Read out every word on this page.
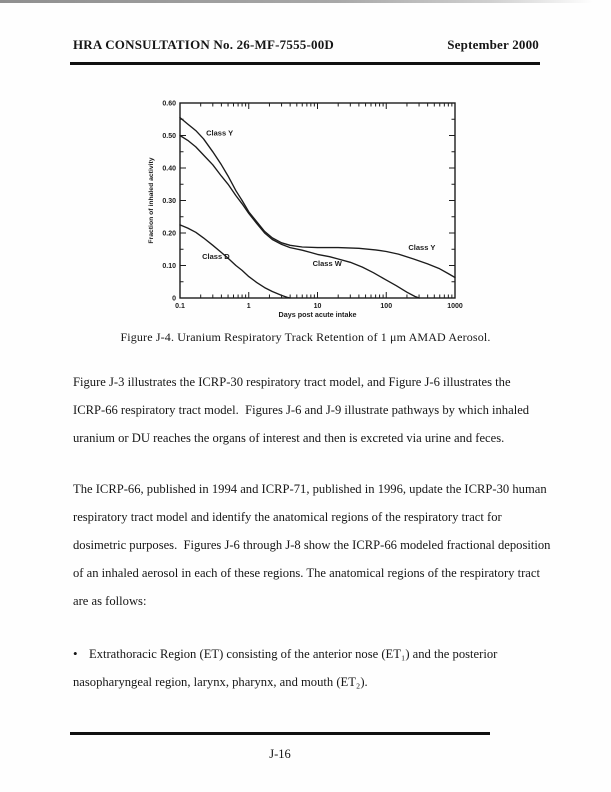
HRA CONSULTATION No. 26-MF-7555-00D	September 2000
0
0.10
0.20
0.30
0.40
0.50
0.60
0.1	1	10	100	1000
Class Y
Class D
Class W
Class Y
Fraction of inhaled activity
Days post acute intake
Figure J-4. Uranium Respiratory Track Retention of 1 μm AMAD Aerosol.
Figure J-3 illustrates the ICRP-30 respiratory tract model, and Figure J-6 illustrates the
ICRP-66 respiratory tract model.  Figures J-6 and J-9 illustrate pathways by which inhaled
uranium or DU reaches the organs of interest and then is excreted via urine and feces.
The ICRP-66, published in 1994 and ICRP-71, published in 1996, update the ICRP-30 human
respiratory tract model and identify the anatomical regions of the respiratory tract for
dosimetric purposes.  Figures J-6 through J-8 show the ICRP-66 modeled fractional deposition
of an inhaled aerosol in each of these regions. The anatomical regions of the respiratory tract
are as follows:
• Extrathoracic Region (ET) consisting of the anterior nose (ET₁) and the posterior
nasopharyngeal region, larynx, pharynx, and mouth (ET₂).
J-16
